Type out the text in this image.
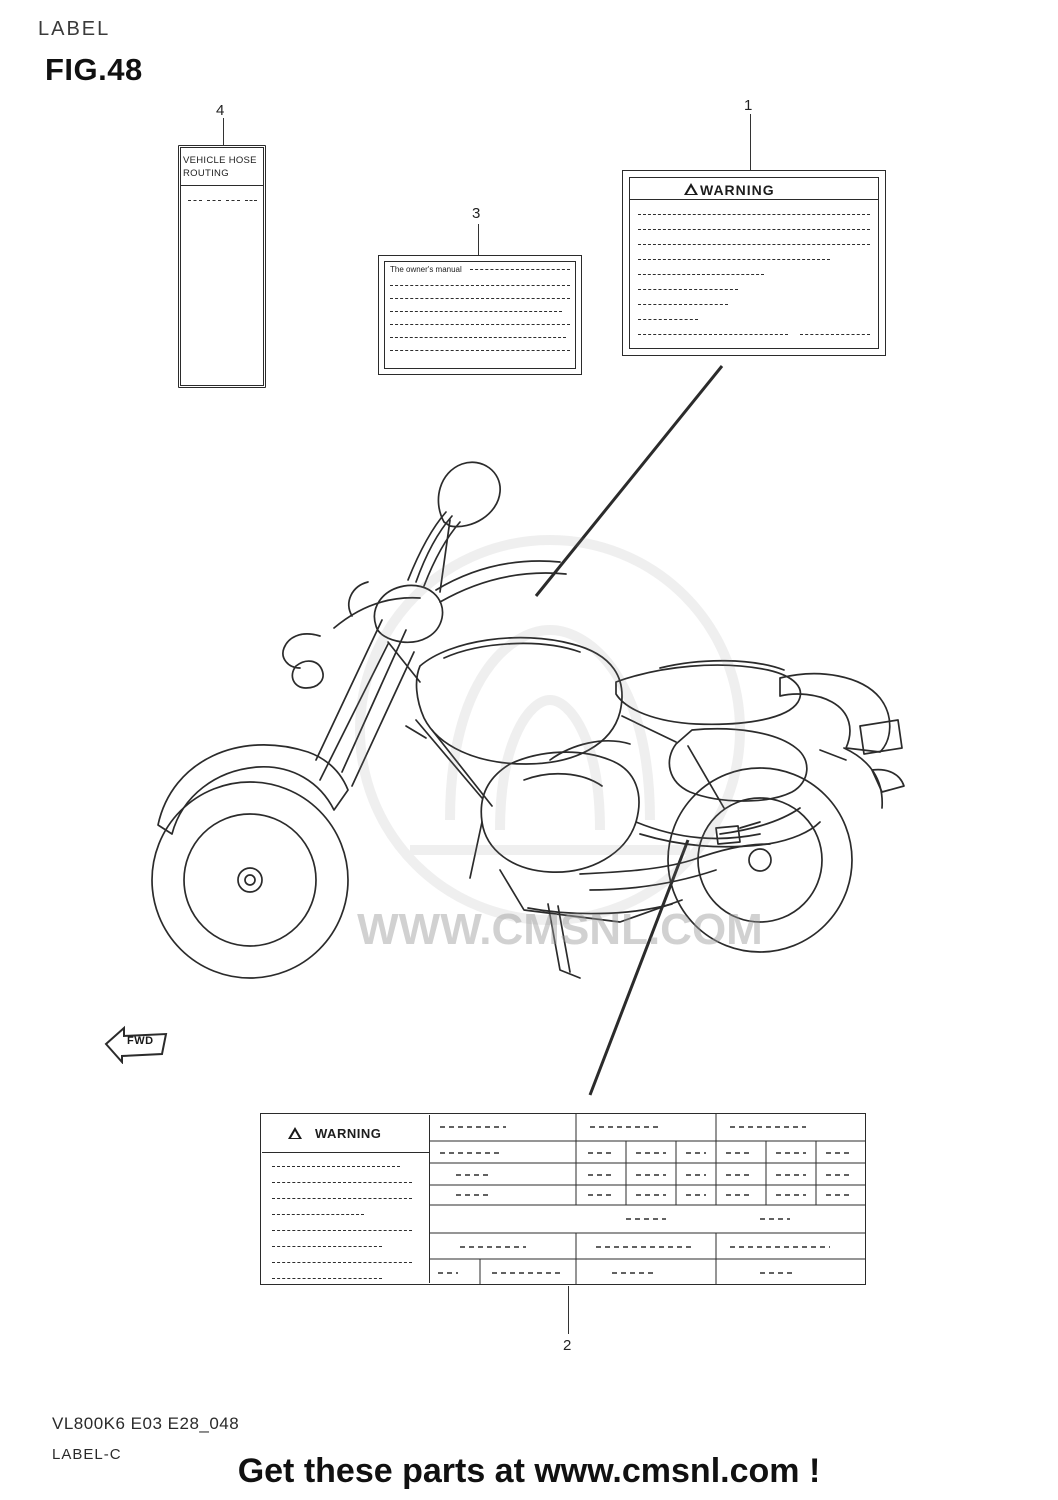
LABEL
FIG.48
4
VEHICLE HOSE
ROUTING
3
The owner's manual
1
WARNING
WWW.CMSNL.COM
FWD
WARNING
2
VL800K6 E03 E28_048
LABEL-C	Get these parts at www.cmsnl.com !
